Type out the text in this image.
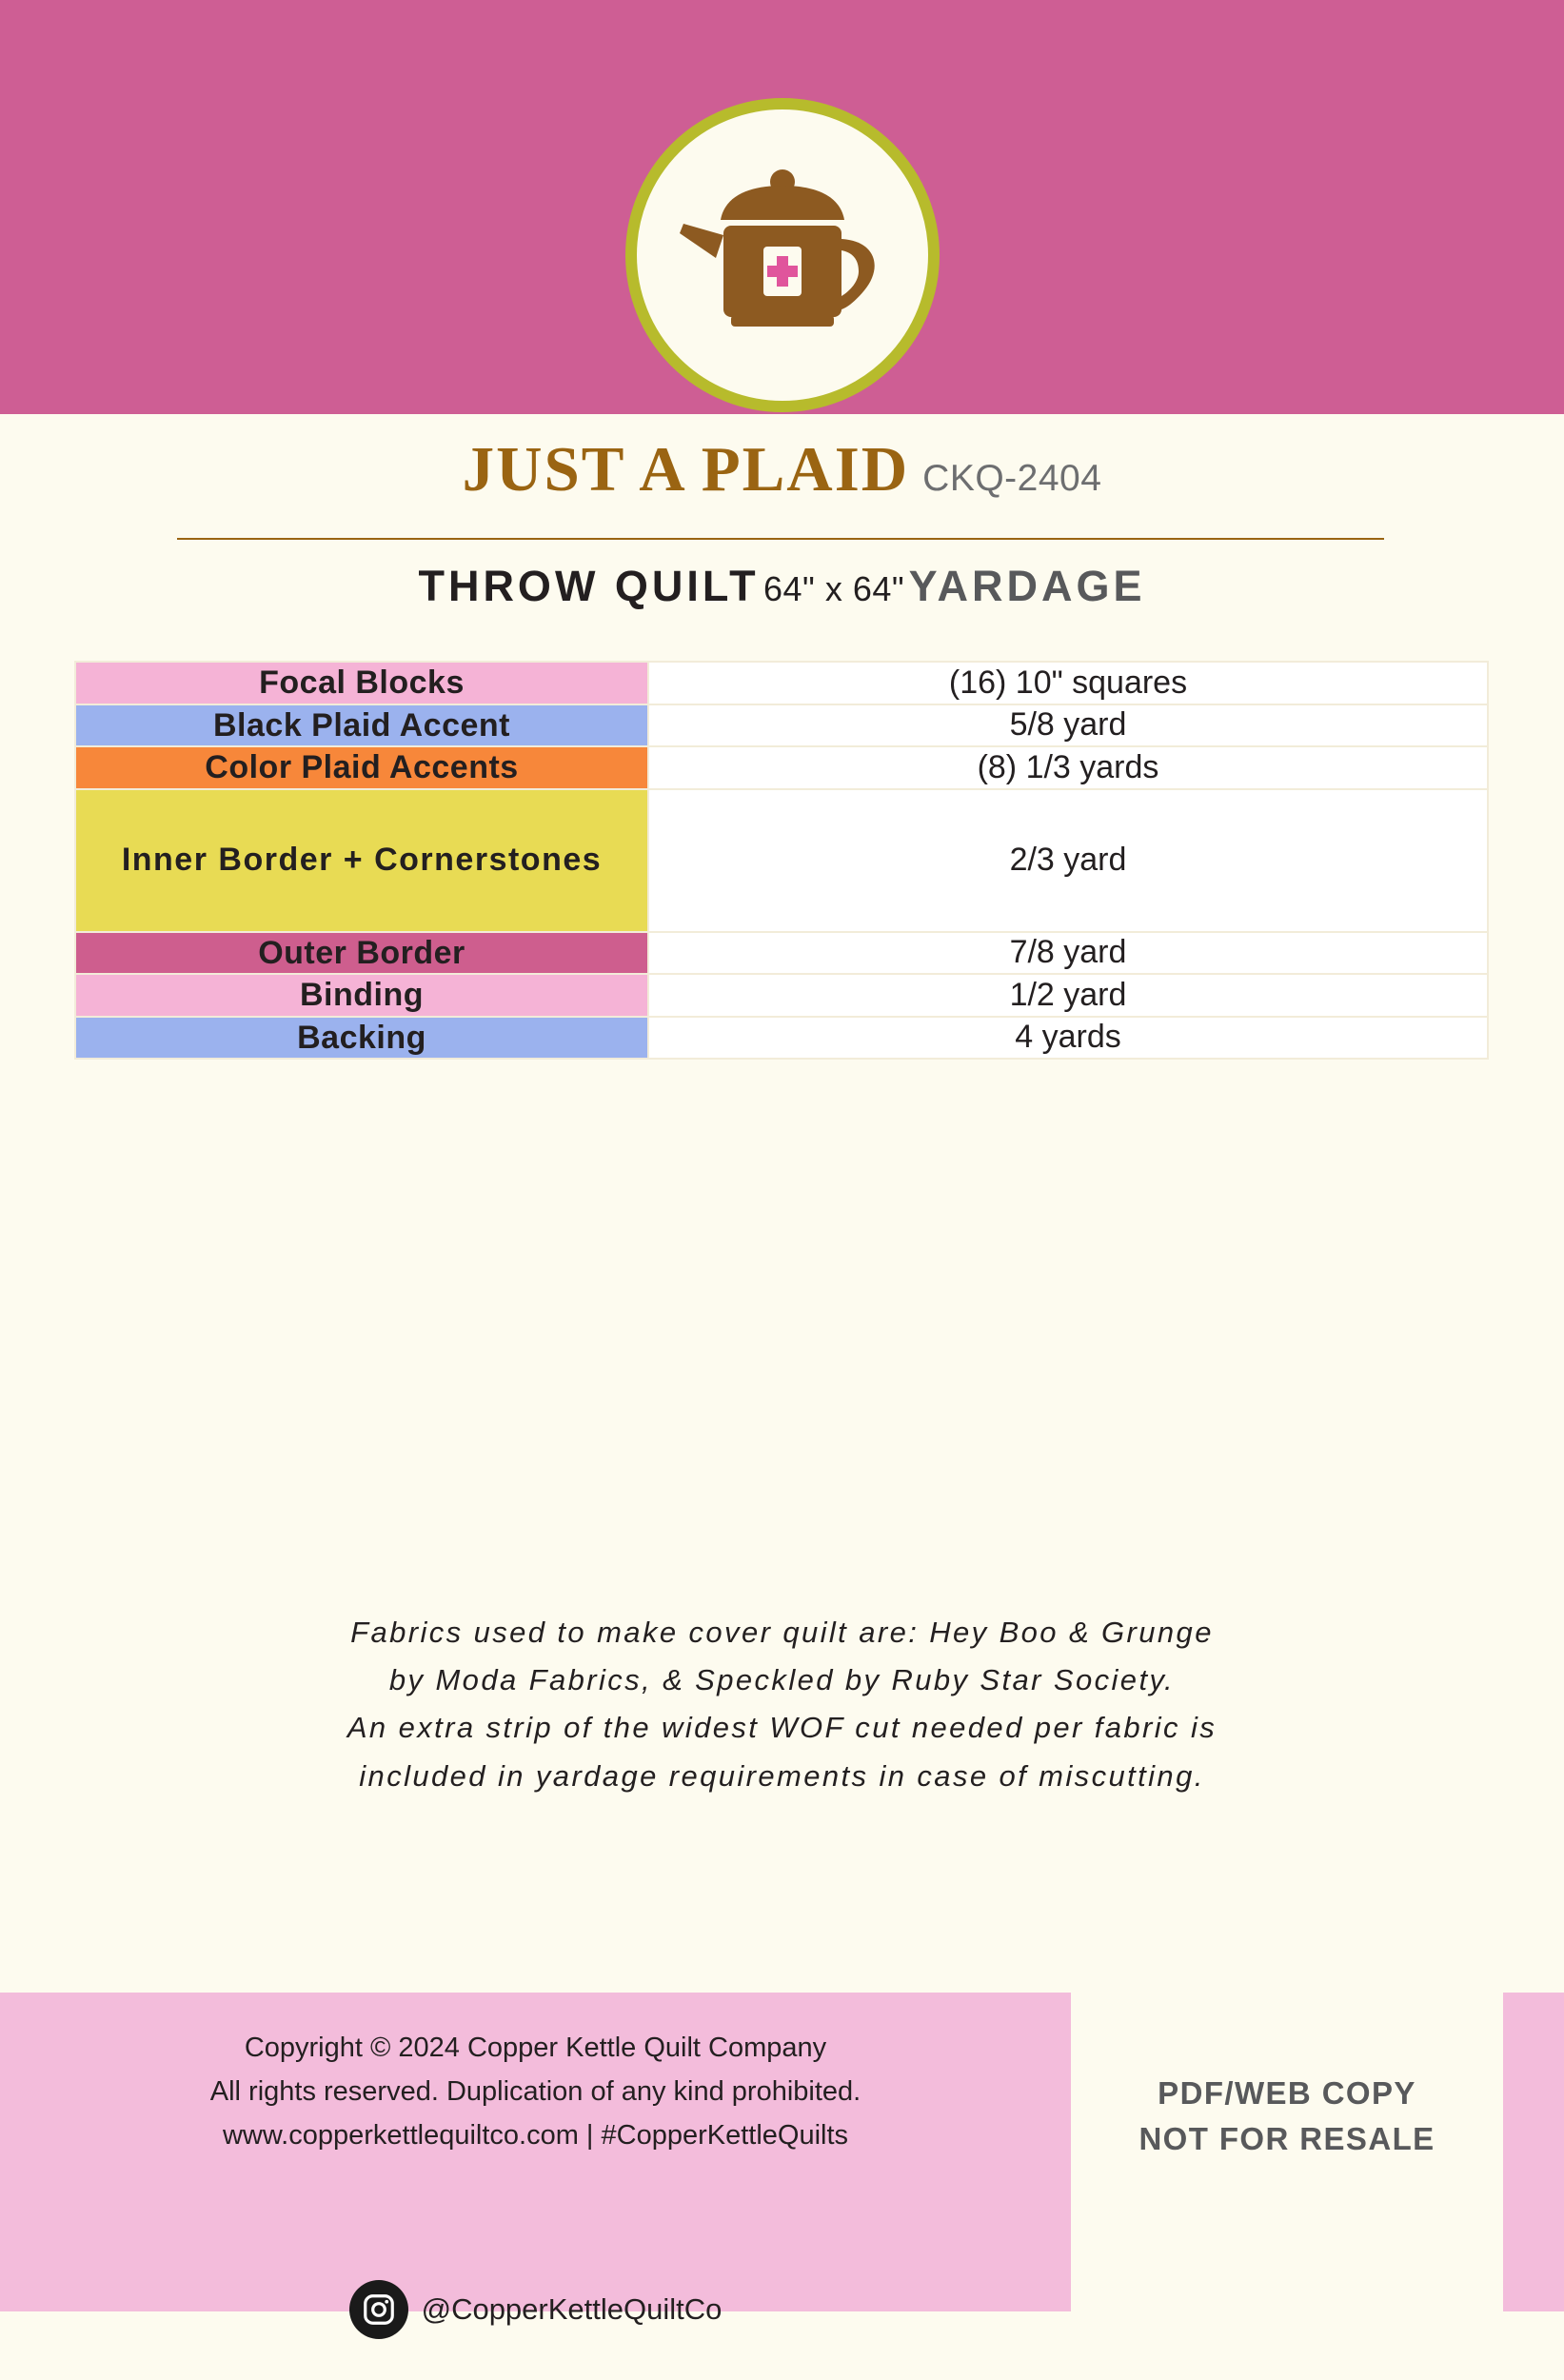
JUST A PLAID CKQ-2404
THROW QUILT 64" x 64" YARDAGE
Focal Blocks	(16) 10" squares
Black Plaid Accent	5/8 yard
Color Plaid Accents	(8) 1/3 yards
Inner Border + Cornerstones	2/3 yard
Outer Border	7/8 yard
Binding	1/2 yard
Backing	4 yards
Fabrics used to make cover quilt are: Hey Boo & Grunge
by Moda Fabrics, & Speckled by Ruby Star Society.
An extra strip of the widest WOF cut needed per fabric is
included in yardage requirements in case of miscutting.
Copyright © 2024 Copper Kettle Quilt Company
All rights reserved. Duplication of any kind prohibited.
www.copperkettlequiltco.com | #CopperKettleQuilts
@CopperKettleQuiltCo
PDF/WEB COPY
NOT FOR RESALE
